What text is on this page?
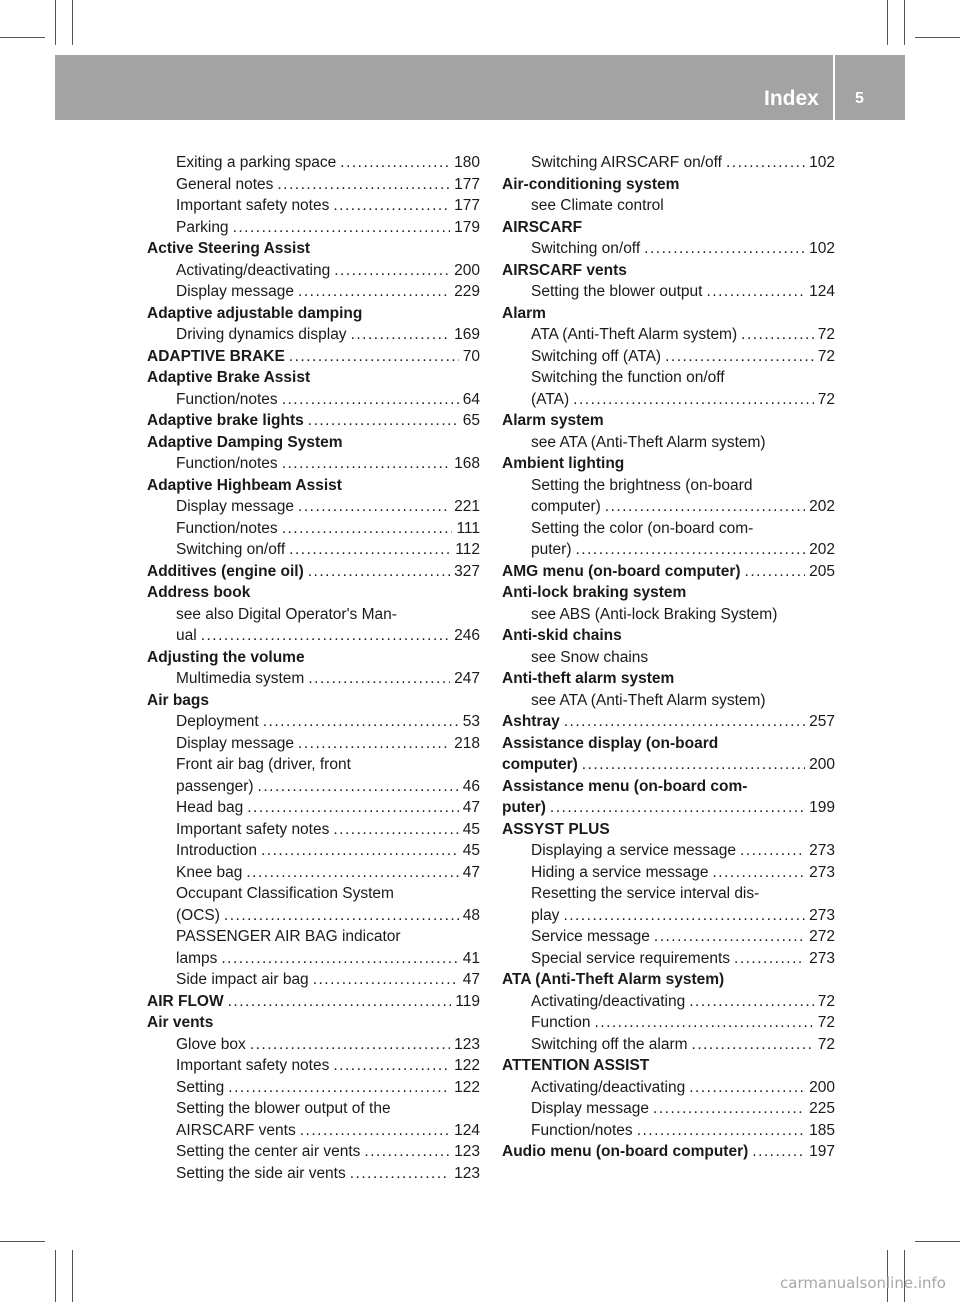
Index 5
Exiting a parking space .....	180
General notes .....	177
Important safety notes .....	177
Parking .....	179
Active Steering Assist
Activating/deactivating .....	200
Display message .....	229
Adaptive adjustable damping
Driving dynamics display .....	169
ADAPTIVE BRAKE .....	70
Adaptive Brake Assist
Function/notes .....	64
Adaptive brake lights .....	65
Adaptive Damping System
Function/notes .....	168
Adaptive Highbeam Assist
Display message .....	221
Function/notes .....	111
Switching on/off .....	112
Additives (engine oil) .....	327
Address book
see also Digital Operator's Man-
ual .....	246
Adjusting the volume
Multimedia system .....	247
Air bags
Deployment .....	53
Display message .....	218
Front air bag (driver, front
passenger) .....	46
Head bag .....	47
Important safety notes .....	45
Introduction .....	45
Knee bag .....	47
Occupant Classification System
(OCS) .....	48
PASSENGER AIR BAG indicator
lamps .....	41
Side impact air bag .....	47
AIR FLOW .....	119
Air vents
Glove box .....	123
Important safety notes .....	122
Setting .....	122
Setting the blower output of the
AIRSCARF vents .....	124
Setting the center air vents .....	123
Setting the side air vents .....	123
Switching AIRSCARF on/off .....	102
Air-conditioning system
see Climate control
AIRSCARF
Switching on/off .....	102
AIRSCARF vents
Setting the blower output .....	124
Alarm
ATA (Anti-Theft Alarm system) .....	72
Switching off (ATA) .....	72
Switching the function on/off
(ATA) .....	72
Alarm system
see ATA (Anti-Theft Alarm system)
Ambient lighting
Setting the brightness (on-board
computer) .....	202
Setting the color (on-board com-
puter) .....	202
AMG menu (on-board computer) .....	205
Anti-lock braking system
see ABS (Anti-lock Braking System)
Anti-skid chains
see Snow chains
Anti-theft alarm system
see ATA (Anti-Theft Alarm system)
Ashtray .....	257
Assistance display (on-board
computer) .....	200
Assistance menu (on-board com-
puter) .....	199
ASSYST PLUS
Displaying a service message .....	273
Hiding a service message .....	273
Resetting the service interval dis-
play .....	273
Service message .....	272
Special service requirements .....	273
ATA (Anti-Theft Alarm system)
Activating/deactivating .....	72
Function .....	72
Switching off the alarm .....	72
ATTENTION ASSIST
Activating/deactivating .....	200
Display message .....	225
Function/notes .....	185
Audio menu (on-board computer) .....	197
carmanualsonline.info
